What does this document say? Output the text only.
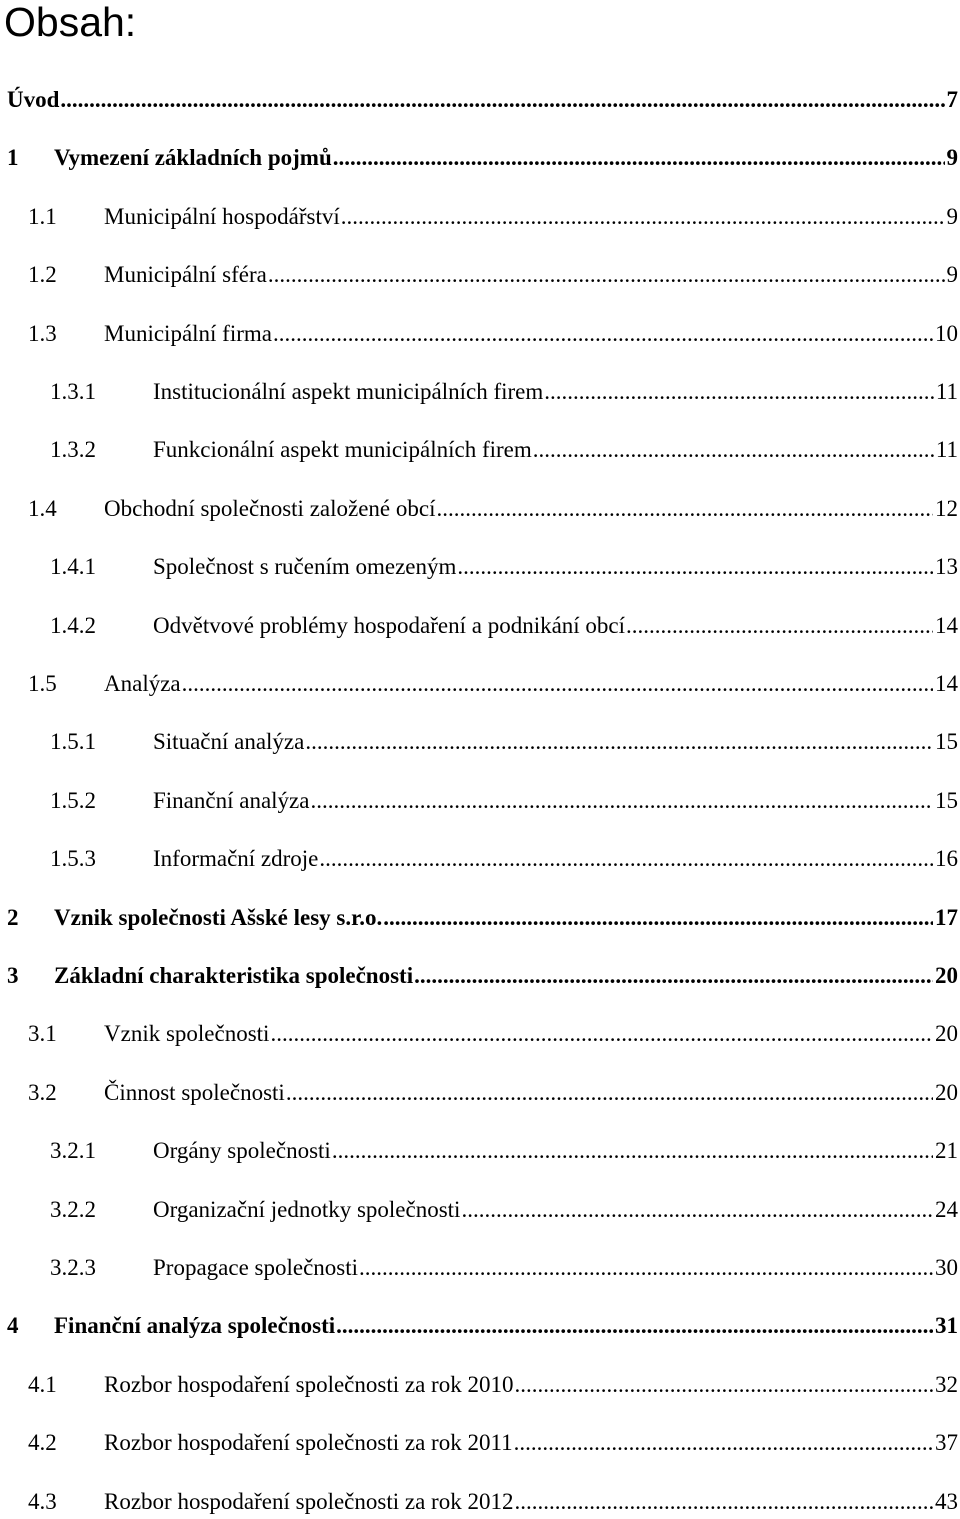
Obsah:
Úvod .....	7
1	Vymezení základních pojmů .....	9
1.1	Municipální hospodářství .....	9
1.2	Municipální sféra .....	9
1.3	Municipální firma .....	10
1.3.1	Institucionální aspekt municipálních firem .....	11
1.3.2	Funkcionální aspekt municipálních firem .....	11
1.4	Obchodní společnosti založené obcí .....	12
1.4.1	Společnost s ručením omezeným .....	13
1.4.2	Odvětvové problémy hospodaření a podnikání obcí .....	14
1.5	Analýza .....	14
1.5.1	Situační analýza .....	15
1.5.2	Finanční analýza .....	15
1.5.3	Informační zdroje .....	16
2	Vznik společnosti Ašské lesy s.r.o. .....	17
3	Základní charakteristika společnosti .....	20
3.1	Vznik společnosti .....	20
3.2	Činnost společnosti .....	20
3.2.1	Orgány společnosti .....	21
3.2.2	Organizační jednotky společnosti .....	24
3.2.3	Propagace společnosti .....	30
4	Finanční analýza společnosti .....	31
4.1	Rozbor hospodaření společnosti za rok 2010 .....	32
4.2	Rozbor hospodaření společnosti za rok 2011 .....	37
4.3	Rozbor hospodaření společnosti za rok 2012 .....	43
